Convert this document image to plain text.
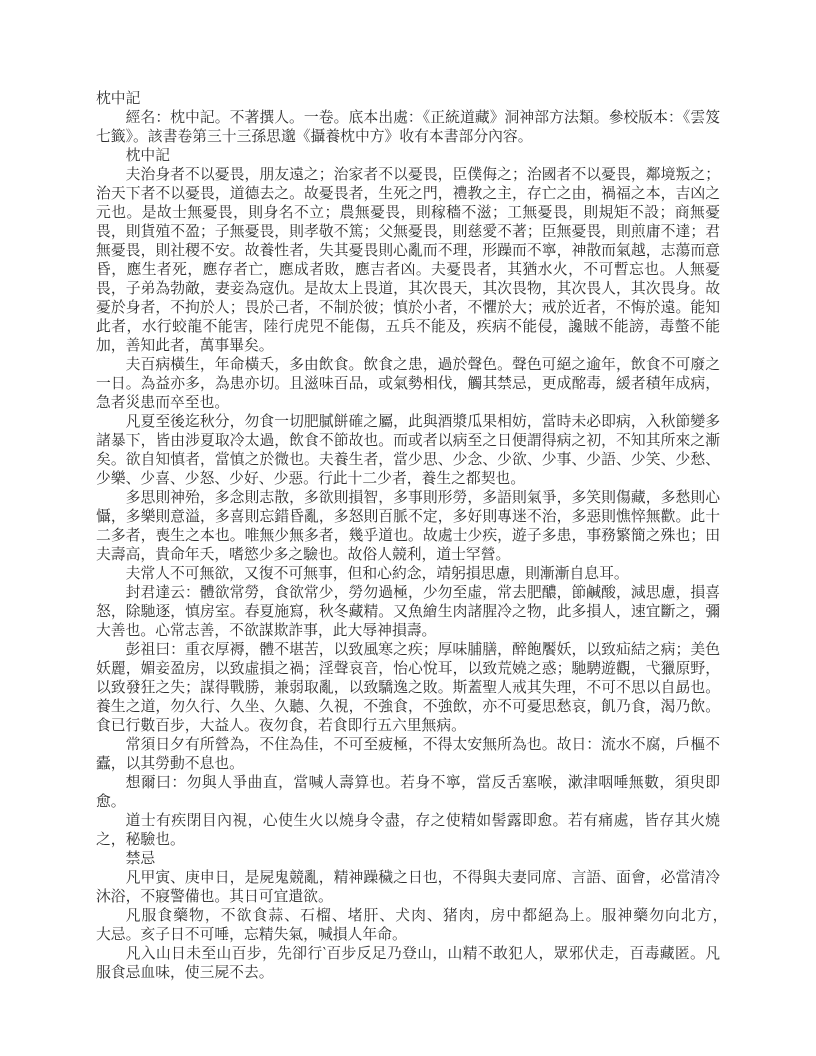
枕中記
經名：枕中記。不著撰人。一卷。底本出處：《正統道藏》洞神部方法類。參校版本：《雲笈七籤》。該書卷第三十三孫思邈《攝養枕中方》收有本書部分內容。
枕中記
夫治身者不以憂畏，朋友遠之；治家者不以憂畏，臣僕侮之；治國者不以憂畏，鄰境叛之；治天下者不以憂畏，道德去之。故憂畏者，生死之門，禮教之主，存亡之由，禍福之本，吉凶之元也。是故士無憂畏，則身名不立；農無憂畏，則稼穡不滋；工無憂畏，則規矩不設；商無憂畏，則貨殖不盈；子無憂畏，則孝敬不篤；父無憂畏，則慈愛不著；臣無憂畏，則煎庸不達；君無憂畏，則社稷不安。故養性者，失其憂畏則心亂而不理，形躁而不寧，神散而氣越，志蕩而意昏，應生者死，應存者亡，應成者敗，應吉者凶。夫憂畏者，其猶水火，不可暫忘也。人無憂畏，子弟為勃敵，妻妾為寇仇。是故太上畏道，其次畏天，其次畏物，其次畏人，其次畏身。故憂於身者，不拘於人；畏於己者，不制於彼；慎於小者，不懼於大；戒於近者，不悔於遠。能知此者，水行蛟龍不能害，陸行虎兕不能傷，五兵不能及，疾病不能侵，讒賊不能謗，毒螫不能加，善知此者，萬事畢矣。
夫百病橫生，年命橫夭，多由飲食。飲食之患，過於聲色。聲色可絕之逾年，飲食不可廢之一日。為益亦多，為患亦切。且滋味百品，或氣勢相伐，觸其禁忌，更成酩毒，緩者積年成病，急者災患而卒至也。
凡夏至後迄秋分，勿食一切肥膩餅確之屬，此與酒漿瓜果相妨，當時未必即病，入秋節變多諸暴下，皆由涉夏取冷太過，飲食不節故也。而或者以病至之日便謂得病之初，不知其所來之漸矣。欲自知慎者，當慎之於微也。夫養生者，當少思、少念、少欲、少事、少語、少笑、少愁、少樂、少喜、少怒、少好、少惡。行此十二少者，養生之都契也。
多思則神殆，多念則志散，多欲則損智，多事則形勞，多語則氣爭，多笑則傷藏，多愁則心懾，多樂則意溢，多喜則忘錯昏亂，多怒則百脈不定，多好則專迷不治，多惡則憔悴無歡。此十二多者，喪生之本也。唯無少無多者，幾乎道也。故處士少疾，遊子多患，事務繁簡之殊也；田夫壽高，貴命年夭，嗜慾少多之驗也。故俗人競利，道士罕營。
夫常人不可無欲，又復不可無事，但和心約念，靖躬損思慮，則漸漸自息耳。
封君達云：體欲常勞，食欲常少，勞勿過極，少勿至虛，常去肥醲，節鹹酸，減思慮，損喜怒，除馳逐，慎房室。春夏施寫，秋冬藏精。又魚繪生肉諸腥冷之物，此多損人，速宜斷之，彌大善也。心常志善，不欲謀欺詐事，此大辱神損壽。
彭祖曰：重衣厚褥，體不堪苦，以致風寒之疾；厚味脯膳，醉飽饜妖，以致疝結之病；美色妖麗，媚妾盈房，以致虛損之禍；淫聲哀音，怡心悅耳，以致荒嬈之惑；馳騁遊觀，弋獵原野，以致發狂之失；謀得戰勝，兼弱取亂，以致驕逸之敗。斯蓋聖人戒其失理，不可不思以自勗也。養生之道，勿久行、久坐、久聽、久視，不強食，不強飲，亦不可憂思愁哀，飢乃食，渴乃飲。食已行數百步，大益人。夜勿食，若食即行五六里無病。
常須日夕有所營為，不住為佳，不可至疲極，不得太安無所為也。故日：流水不腐，戶樞不蠹，以其勞動不息也。
想爾曰：勿與人爭曲直，當喊人壽算也。若身不寧，當反舌塞喉，漱津咽唾無數，須臾即愈。
道士有疾閉目內視，心使生火以燒身令盡，存之使精如髻露即愈。若有痛處，皆存其火燒之，秘驗也。
禁忌
凡甲寅、庚申日，是屍鬼競亂，精神躁穢之日也，不得與夫妻同席、言語、面會，必當清冷沐浴，不寢警備也。其日可宜遣欲。
凡服食藥物，不欲食蒜、石榴、堵肝、犬肉、猪肉，房中都絕為上。服神藥勿向北方，　　　　大忌。亥子日不可唾，忘精失氣，喊損人年命。
凡入山日未至山百步，先卻行‵百步反足乃登山，山精不敢犯人，眾邪伏走，百毒藏匿。凡服食忌血味，使三屍不去。
